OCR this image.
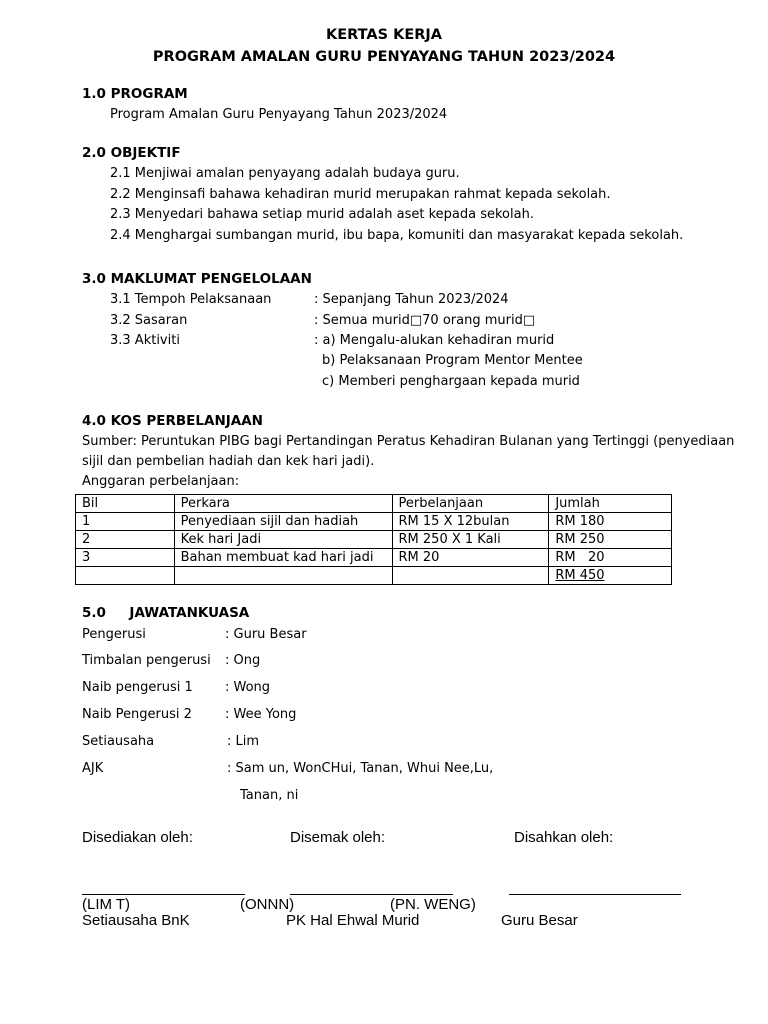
KERTAS KERJA
PROGRAM AMALAN GURU PENYAYANG TAHUN 2023/2024
1.0 PROGRAM
Program Amalan Guru Penyayang Tahun 2023/2024
2.0 OBJEKTIF
2.1 Menjiwai amalan penyayang adalah budaya guru.
2.2 Menginsafi bahawa kehadiran murid merupakan rahmat kepada sekolah.
2.3 Menyedari bahawa setiap murid adalah aset kepada sekolah.
2.4 Menghargai sumbangan murid, ibu bapa, komuniti dan masyarakat kepada sekolah.
3.0 MAKLUMAT PENGELOLAAN
3.1 Tempoh Pelaksanaan	: Sepanjang Tahun 2023/2024
3.2 Sasaran	: Semua murid□70 orang murid□
3.3 Aktiviti	: a) Mengalu-alukan kehadiran murid
b) Pelaksanaan Program Mentor Mentee
c) Memberi penghargaan kepada murid
4.0 KOS PERBELANJAAN
Sumber: Peruntukan PIBG bagi Pertandingan Peratus Kehadiran Bulanan yang Tertinggi (penyediaan
sijil dan pembelian hadiah dan kek hari jadi).
Anggaran perbelanjaan:
Bil	Perkara	Perbelanjaan	Jumlah
1	Penyediaan sijil dan hadiah	RM 15 X 12bulan	RM 180
2	Kek hari Jadi	RM 250 X 1 Kali	RM 250
3	Bahan membuat kad hari jadi	RM 20	RM   20
			RM 450
5.0     JAWATANKUASA
Pengerusi	: Guru Besar
Timbalan pengerusi : Ong
Naib pengerusi 1 : Wong
Naib Pengerusi 2	: Wee Yong
Setiausaha	: Lim
AJK	: Sam un, WonCHui, Tanan, Whui Nee,Lu,
Tanan, ni
Disediakan oleh:	Disemak oleh:	Disahkan oleh:
(LIM T)	(ONNN)	(PN. WENG)
Setiausaha BnK	PK Hal Ehwal Murid	Guru Besar
